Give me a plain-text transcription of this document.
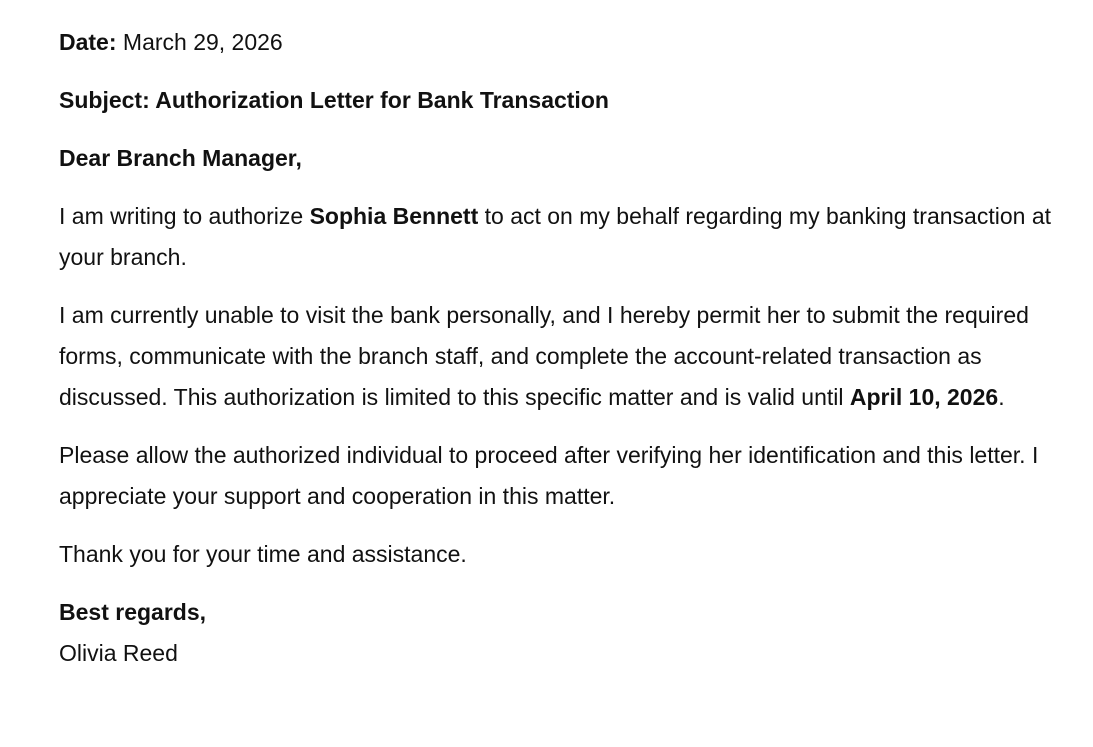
Date: March 29, 2026

Subject: Authorization Letter for Bank Transaction

Dear Branch Manager,

I am writing to authorize Sophia Bennett to act on my behalf regarding my banking transaction at your branch.

I am currently unable to visit the bank personally, and I hereby permit her to submit the required forms, communicate with the branch staff, and complete the account-related transaction as discussed. This authorization is limited to this specific matter and is valid until April 10, 2026.

Please allow the authorized individual to proceed after verifying her identification and this letter. I appreciate your support and cooperation in this matter.

Thank you for your time and assistance.

Best regards,

Olivia Reed
